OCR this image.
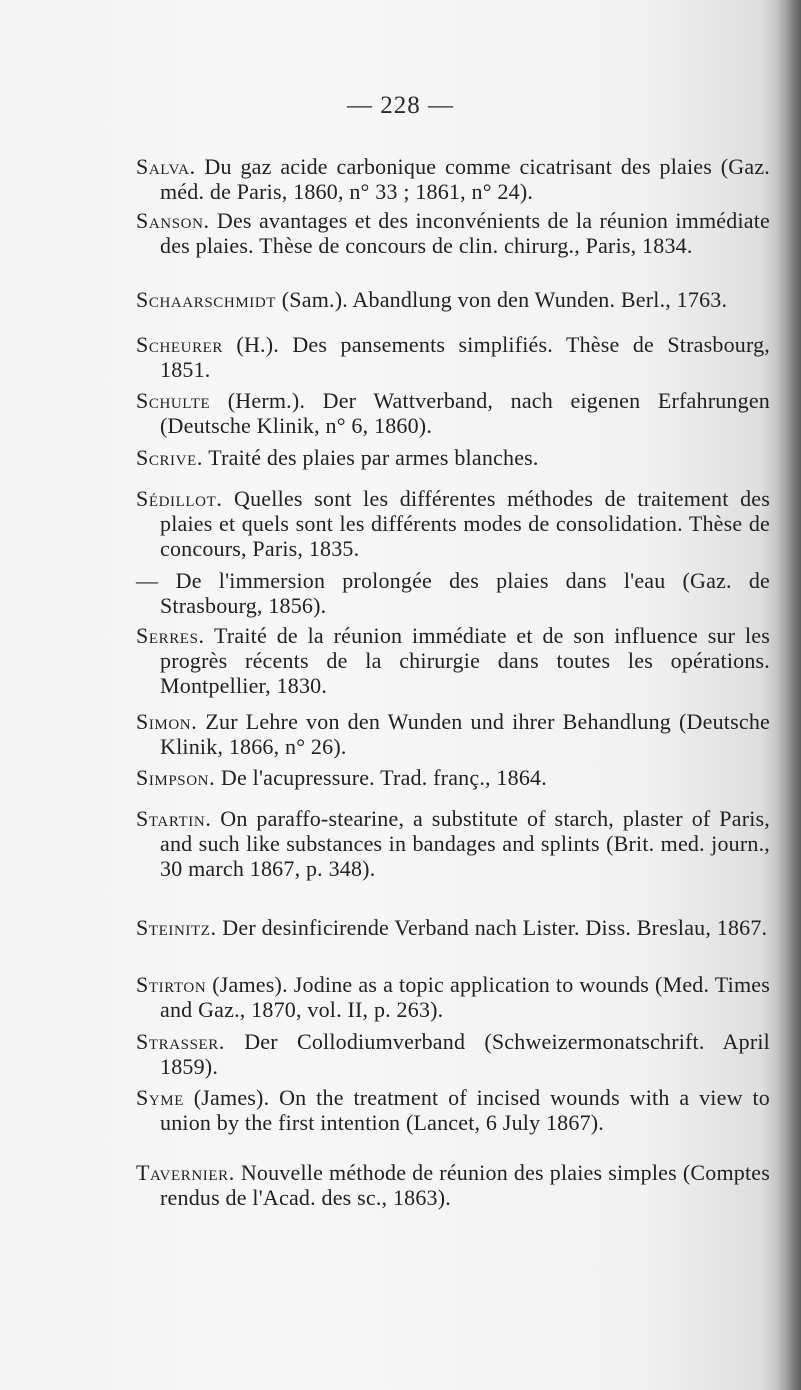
— 228 —
Salva. Du gaz acide carbonique comme cicatrisant des plaies (Gaz. méd. de Paris, 1860, n° 33 ; 1861, n° 24).
Sanson. Des avantages et des inconvénients de la réunion immédiate des plaies. Thèse de concours de clin. chirurg., Paris, 1834.
Schaarschmidt (Sam.). Abandlung von den Wunden. Berl., 1763.
Scheurer (H.). Des pansements simplifiés. Thèse de Strasbourg, 1851.
Schulte (Herm.). Der Wattverband, nach eigenen Erfahrungen (Deutsche Klinik, n° 6, 1860).
Scrive. Traité des plaies par armes blanches.
Sédillot. Quelles sont les différentes méthodes de traitement des plaies et quels sont les différents modes de consolidation. Thèse de concours, Paris, 1835.
— De l'immersion prolongée des plaies dans l'eau (Gaz. de Strasbourg, 1856).
Serres. Traité de la réunion immédiate et de son influence sur les progrès récents de la chirurgie dans toutes les opérations. Montpellier, 1830.
Simon. Zur Lehre von den Wunden und ihrer Behandlung (Deutsche Klinik, 1866, n° 26).
Simpson. De l'acupressure. Trad. franç., 1864.
Startin. On paraffo-stearine, a substitute of starch, plaster of Paris, and such like substances in bandages and splints (Brit. med. journ., 30 march 1867, p. 348).
Steinitz. Der desinficirende Verband nach Lister. Diss. Breslau, 1867.
Stirton (James). Jodine as a topic application to wounds (Med. Times and Gaz., 1870, vol. II, p. 263).
Strasser. Der Collodiumverband (Schweizermonatschrift. April 1859).
Syme (James). On the treatment of incised wounds with a view to union by the first intention (Lancet, 6 July 1867).
Tavernier. Nouvelle méthode de réunion des plaies simples (Comptes rendus de l'Acad. des sc., 1863).
